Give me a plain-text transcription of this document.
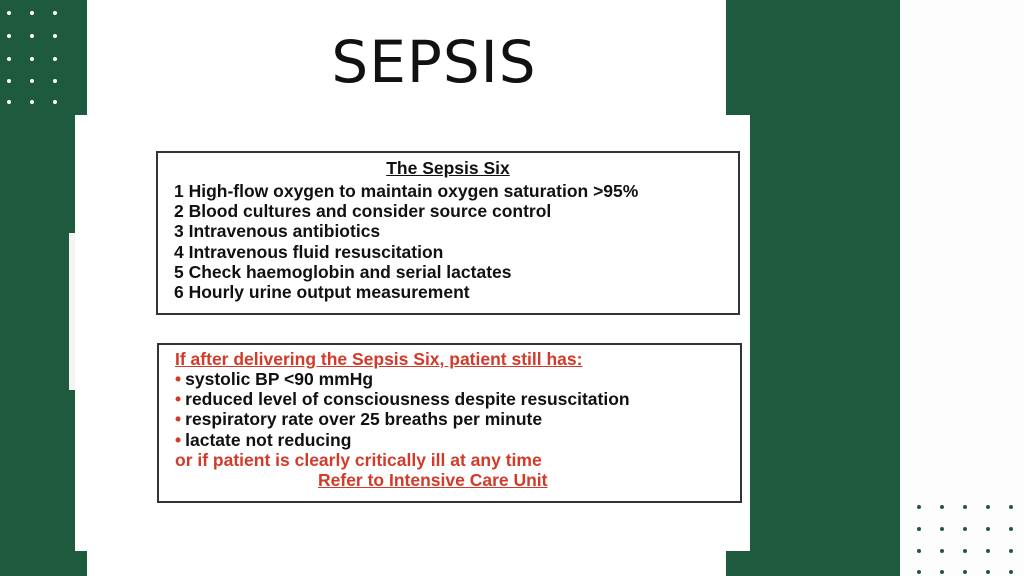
SEPSIS
The Sepsis Six
1 High-flow oxygen to maintain oxygen saturation >95%
2 Blood cultures and consider source control
3 Intravenous antibiotics
4 Intravenous fluid resuscitation
5 Check haemoglobin and serial lactates
6 Hourly urine output measurement
If after delivering the Sepsis Six, patient still has:
• systolic BP <90 mmHg
• reduced level of consciousness despite resuscitation
• respiratory rate over 25 breaths per minute
• lactate not reducing
or if patient is clearly critically ill at any time
Refer to Intensive Care Unit
